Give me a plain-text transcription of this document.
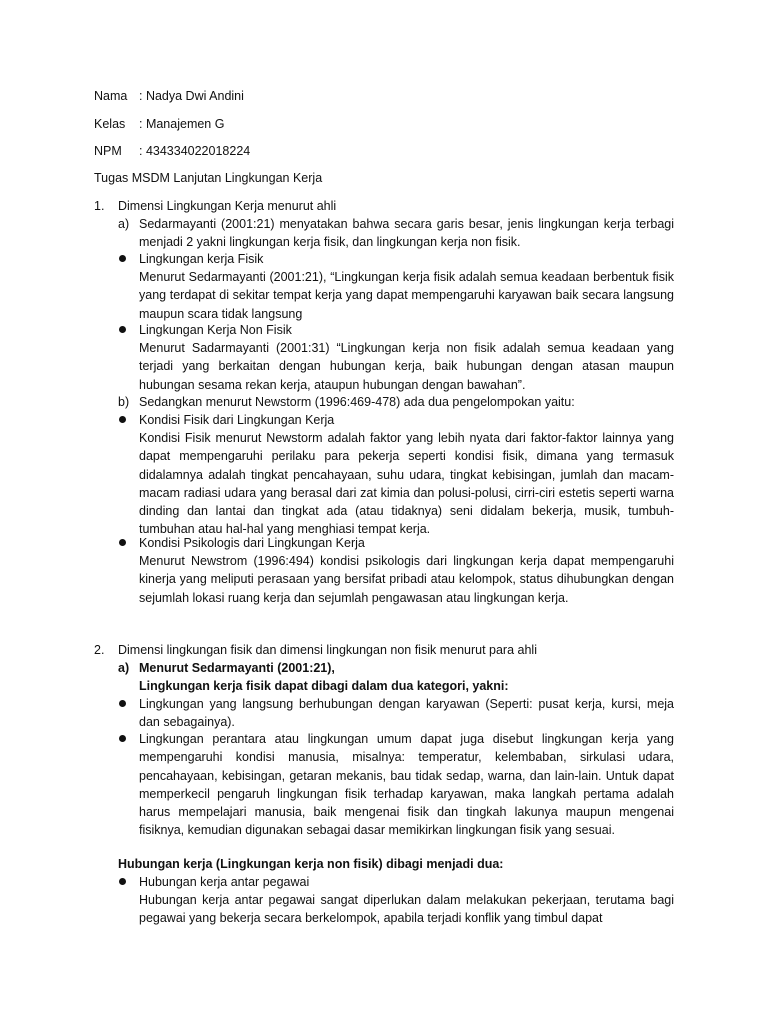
Nama : Nadya Dwi Andini
Kelas : Manajemen G
NPM : 434334022018224
Tugas MSDM Lanjutan Lingkungan Kerja
1. Dimensi Lingkungan Kerja menurut ahli
a) Sedarmayanti (2001:21) menyatakan bahwa secara garis besar, jenis lingkungan kerja terbagi menjadi 2 yakni lingkungan kerja fisik, dan lingkungan kerja non fisik.
Lingkungan kerja Fisik
Menurut Sedarmayanti (2001:21), “Lingkungan kerja fisik adalah semua keadaan berbentuk fisik yang terdapat di sekitar tempat kerja yang dapat mempengaruhi karyawan baik secara langsung maupun scara tidak langsung
Lingkungan Kerja Non Fisik
Menurut Sadarmayanti (2001:31) “Lingkungan kerja non fisik adalah semua keadaan yang terjadi yang berkaitan dengan hubungan kerja, baik hubungan dengan atasan maupun hubungan sesama rekan kerja, ataupun hubungan dengan bawahan”.
b) Sedangkan menurut Newstorm (1996:469-478) ada dua pengelompokan yaitu:
Kondisi Fisik dari Lingkungan Kerja
Kondisi Fisik menurut Newstorm adalah faktor yang lebih nyata dari faktor-faktor lainnya yang dapat mempengaruhi perilaku para pekerja seperti kondisi fisik, dimana yang termasuk didalamnya adalah tingkat pencahayaan, suhu udara, tingkat kebisingan, jumlah dan macam-macam radiasi udara yang berasal dari zat kimia dan polusi-polusi, cirri-ciri estetis seperti warna dinding dan lantai dan tingkat ada (atau tidaknya) seni didalam bekerja, musik, tumbuh-tumbuhan atau hal-hal yang menghiasi tempat kerja.
Kondisi Psikologis dari Lingkungan Kerja
Menurut Newstrom (1996:494) kondisi psikologis dari lingkungan kerja dapat mempengaruhi kinerja yang meliputi perasaan yang bersifat pribadi atau kelompok, status dihubungkan dengan sejumlah lokasi ruang kerja dan sejumlah pengawasan atau lingkungan kerja.
2. Dimensi lingkungan fisik dan dimensi lingkungan non fisik menurut para ahli
a) Menurut Sedarmayanti (2001:21),
Lingkungan kerja fisik dapat dibagi dalam dua kategori, yakni:
Lingkungan yang langsung berhubungan dengan karyawan (Seperti: pusat kerja, kursi, meja dan sebagainya).
Lingkungan perantara atau lingkungan umum dapat juga disebut lingkungan kerja yang mempengaruhi kondisi manusia, misalnya: temperatur, kelembaban, sirkulasi udara, pencahayaan, kebisingan, getaran mekanis, bau tidak sedap, warna, dan lain-lain. Untuk dapat memperkecil pengaruh lingkungan fisik terhadap karyawan, maka langkah pertama adalah harus mempelajari manusia, baik mengenai fisik dan tingkah lakunya maupun mengenai fisiknya, kemudian digunakan sebagai dasar memikirkan lingkungan fisik yang sesuai.
Hubungan kerja (Lingkungan kerja non fisik) dibagi menjadi dua:
Hubungan kerja antar pegawai
Hubungan kerja antar pegawai sangat diperlukan dalam melakukan pekerjaan, terutama bagi pegawai yang bekerja secara berkelompok, apabila terjadi konflik yang timbul dapat
